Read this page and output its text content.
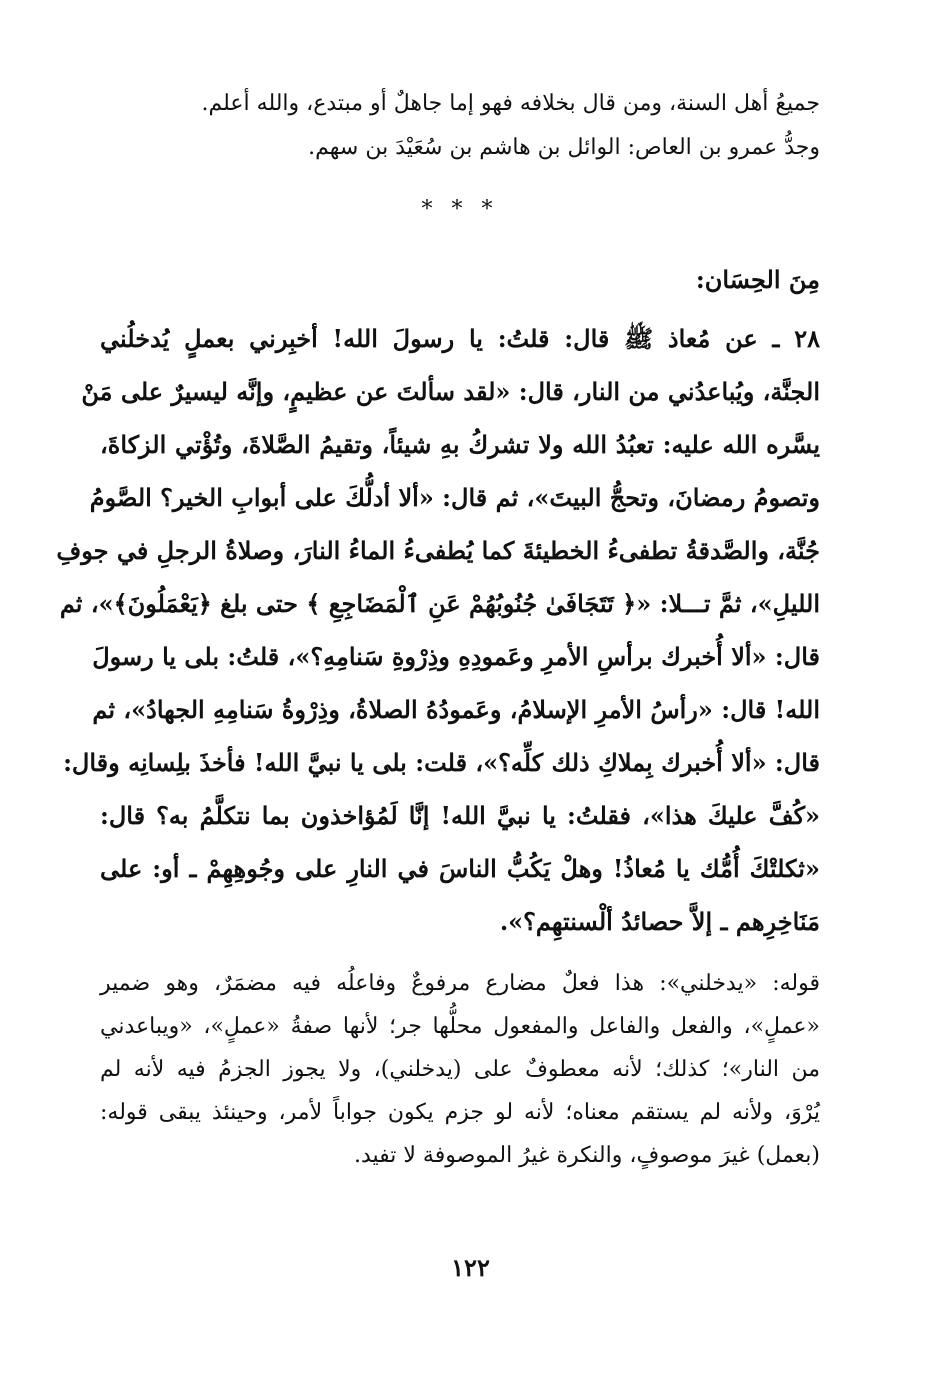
جميعُ أهل السنة، ومن قال بخلافه فهو إما جاهلٌ أو مبتدع، والله أعلم.
وجدُّ عمرو بن العاص: الوائل بن هاشم بن سُعَيْدَ بن سهم.
* * *
مِنَ الحِسَان:
٢٨ ـ عن مُعاذ ﷺ قال: قلتُ: يا رسولَ الله! أخبِرني بعملٍ يُدخلُني
الجنَّة، ويُباعدُني من النار، قال: «لقد سألتَ عن عظيمٍ، وإنَّه ليسيرٌ على مَنْ
يسَّره الله عليه: تعبُدُ الله ولا تشركُ بهِ شيئاً، وتقيمُ الصَّلاةَ، وتُؤْتي الزكاةَ،
وتصومُ رمضانَ، وتحجُّ البيتَ»، ثم قال: «ألا أدلُّكَ على أبوابِ الخير؟ الصَّومُ
جُنَّة، والصَّدقةُ تطفىءُ الخطيئةَ كما يُطفىءُ الماءُ النارَ، وصلاةُ الرجلِ في جوفِ
الليلِ»، ثمَّ تـــلا: «﴿ تَتَجَافَىٰ جُنُوبُهُمْ عَنِ ٱلْمَضَاجِعِ ﴾ حتى بلغ ﴿يَعْمَلُونَ﴾»، ثم
قال: «ألا أُخبرك برأسِ الأمرِ وعَمودِهِ وذِرْوةِ سَنامِهِ؟»، قلتُ: بلى يا رسولَ
الله! قال: «رأسُ الأمرِ الإسلامُ، وعَمودُهُ الصلاةُ، وذِرْوةُ سَنامِهِ الجهادُ»، ثم
قال: «ألا أُخبرك بِملاكِ ذلك كلِّه؟»، قلت: بلى يا نبيَّ الله! فأخذَ بلِسانِه وقال:
«كُفَّ عليكَ هذا»، فقلتُ: يا نبيَّ الله! إنَّا لَمُؤاخذون بما نتكلَّمُ به؟ قال:
«ثكلتْكَ أُمُّك يا مُعاذُ! وهلْ يَكُبُّ الناسَ في النارِ على وجُوهِهِمْ ـ أو: على
مَنَاخِرِهم ـ إلاَّ حصائدُ ألْسنتهِم؟».
قوله: «يدخلني»: هذا فعلٌ مضارع مرفوعٌ وفاعلُه فيه مضمَرٌ، وهو ضمير
«عملٍ»، والفعل والفاعل والمفعول محلُّها جر؛ لأنها صفةُ «عملٍ»، «ويباعدني
من النار»؛ كذلك؛ لأنه معطوفٌ على (يدخلني)، ولا يجوز الجزمُ فيه لأنه لم
يُرْوَ، ولأنه لم يستقم معناه؛ لأنه لو جزم يكون جواباً لأمر، وحينئذ يبقى قوله:
(بعمل) غيرَ موصوفٍ، والنكرة غيرُ الموصوفة لا تفيد.
١٢٢
